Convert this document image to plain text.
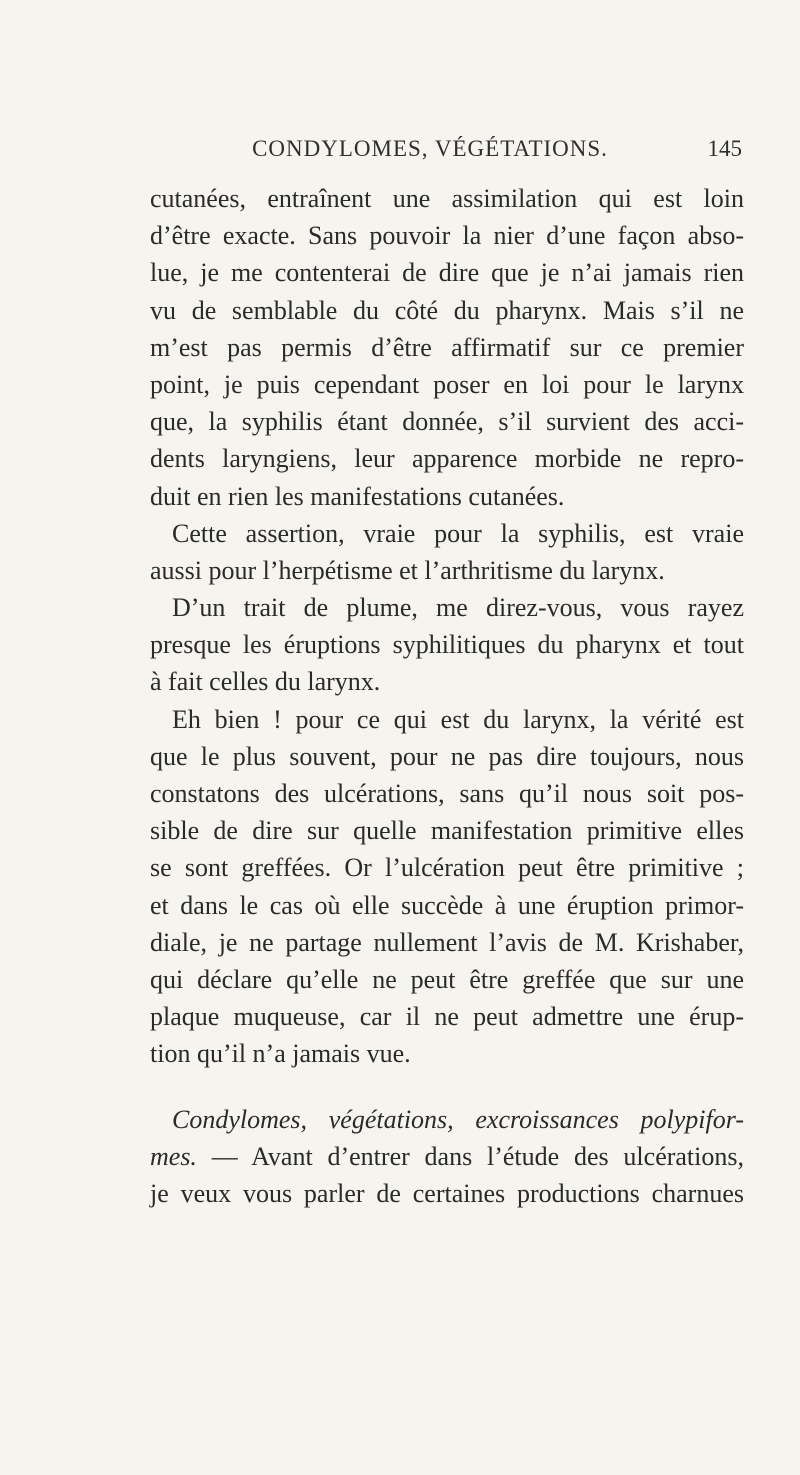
CONDYLOMES, VÉGÉTATIONS.	145
cutanées, entraînent une assimilation qui est loin
d’être exacte. Sans pouvoir la nier d’une façon abso-
lue, je me contenterai de dire que je n’ai jamais rien
vu de semblable du côté du pharynx. Mais s’il ne
m’est pas permis d’être affirmatif sur ce premier
point, je puis cependant poser en loi pour le larynx
que, la syphilis étant donnée, s’il survient des acci-
dents laryngiens, leur apparence morbide ne repro-
duit en rien les manifestations cutanées.
Cette assertion, vraie pour la syphilis, est vraie
aussi pour l’herpétisme et l’arthritisme du larynx.
D’un trait de plume, me direz-vous, vous rayez
presque les éruptions syphilitiques du pharynx et tout
à fait celles du larynx.
Eh bien ! pour ce qui est du larynx, la vérité est
que le plus souvent, pour ne pas dire toujours, nous
constatons des ulcérations, sans qu’il nous soit pos-
sible de dire sur quelle manifestation primitive elles
se sont greffées. Or l’ulcération peut être primitive ;
et dans le cas où elle succède à une éruption primor-
diale, je ne partage nullement l’avis de M. Krishaber,
qui déclare qu’elle ne peut être greffée que sur une
plaque muqueuse, car il ne peut admettre une érup-
tion qu’il n’a jamais vue.
Condylomes, végétations, excroissances polypifor-
mes. — Avant d’entrer dans l’étude des ulcérations,
je veux vous parler de certaines productions charnues
